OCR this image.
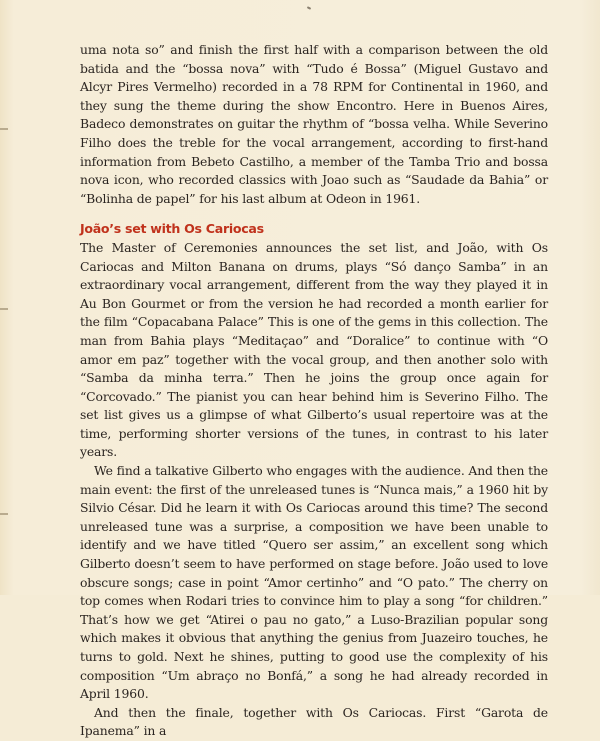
uma nota so” and finish the first half with a comparison between the old batida and the “bossa nova” with “Tudo é Bossa” (Miguel Gustavo and Alcyr Pires Vermelho) recorded in a 78 RPM for Continental in 1960, and they sung the theme during the show Encontro. Here in Buenos Aires, Badeco demonstrates on guitar the rhythm of “bossa velha. While Severino Filho does the treble for the vocal arrangement, according to first-hand information from Bebeto Castilho, a member of the Tamba Trio and bossa nova icon, who recorded classics with Joao such as “Saudade da Bahia” or “Bolinha de papel” for his last album at Odeon in 1961.

João’s set with Os Cariocas

The Master of Ceremonies announces the set list, and João, with Os Cariocas and Milton Banana on drums, plays “Só danço Samba” in an extraordinary vocal arrangement, different from the way they played it in Au Bon Gourmet or from the version he had recorded a month earlier for the film “Copacabana Palace” This is one of the gems in this collection. The man from Bahia plays “Meditaçao” and “Doralice” to continue with “O amor em paz” together with the vocal group, and then another solo with “Samba da minha terra.” Then he joins the group once again for “Corcovado.” The pianist you can hear behind him is Severino Filho. The set list gives us a glimpse of what Gilberto’s usual repertoire was at the time, performing shorter versions of the tunes, in contrast to his later years.

We find a talkative Gilberto who engages with the audience. And then the main event: the first of the unreleased tunes is “Nunca mais,” a 1960 hit by Silvio César. Did he learn it with Os Cariocas around this time? The second unreleased tune was a surprise, a composition we have been unable to identify and we have titled “Quero ser assim,” an excellent song which Gilberto doesn’t seem to have performed on stage before. João used to love obscure songs; case in point “Amor certinho” and “O pato.” The cherry on top comes when Rodari tries to convince him to play a song “for children.” That’s how we get “Atirei o pau no gato,” a Luso-Brazilian popular song which makes it obvious that anything the genius from Juazeiro touches, he turns to gold. Next he shines, putting to good use the complexity of his composition “Um abraço no Bonfá,” a song he had already recorded in April 1960.

And then the finale, together with Os Cariocas. First “Garota de Ipanema” in a
